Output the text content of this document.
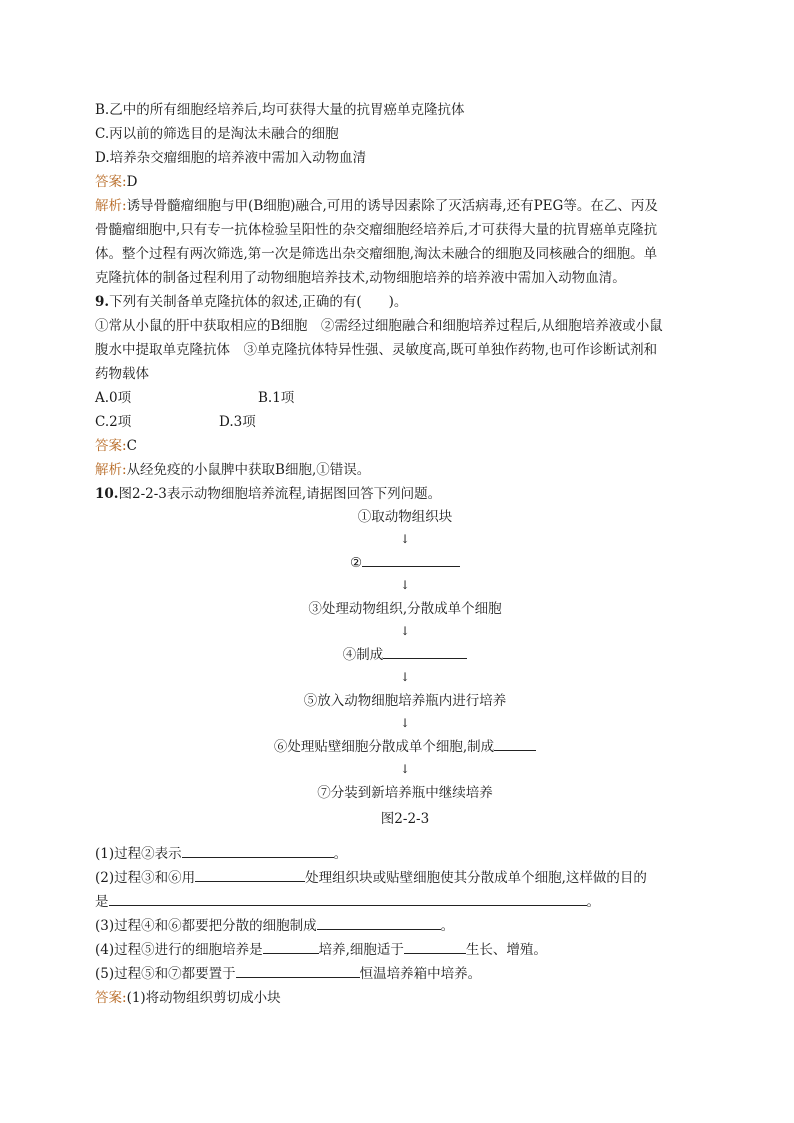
B.乙中的所有细胞经培养后,均可获得大量的抗胃癌单克隆抗体
C.丙以前的筛选目的是淘汰未融合的细胞
D.培养杂交瘤细胞的培养液中需加入动物血清
答案:D
解析:诱导骨髓瘤细胞与甲(B细胞)融合,可用的诱导因素除了灭活病毒,还有PEG等。在乙、丙及
骨髓瘤细胞中,只有专一抗体检验呈阳性的杂交瘤细胞经培养后,才可获得大量的抗胃癌单克隆抗
体。整个过程有两次筛选,第一次是筛选出杂交瘤细胞,淘汰未融合的细胞及同核融合的细胞。单
克隆抗体的制备过程利用了动物细胞培养技术,动物细胞培养的培养液中需加入动物血清。
9.下列有关制备单克隆抗体的叙述,正确的有(　　)。
①常从小鼠的肝中获取相应的B细胞　②需经过细胞融合和细胞培养过程后,从细胞培养液或小鼠
腹水中提取单克隆抗体　③单克隆抗体特异性强、灵敏度高,既可单独作药物,也可作诊断试剂和
药物载体
A.0项	B.1项
C.2项	D.3项
答案:C
解析:从经免疫的小鼠脾中获取B细胞,①错误。
10.图2-2-3表示动物细胞培养流程,请据图回答下列问题。
①取动物组织块
↓
②
↓
③处理动物组织,分散成单个细胞
↓
④制成
↓
⑤放入动物细胞培养瓶内进行培养
↓
⑥处理贴壁细胞分散成单个细胞,制成
↓
⑦分装到新培养瓶中继续培养
图2-2-3
(1)过程②表示	。
(2)过程③和⑥用	处理组织块或贴壁细胞使其分散成单个细胞,这样做的目的
是	。
(3)过程④和⑥都要把分散的细胞制成	。
(4)过程⑤进行的细胞培养是	培养,细胞适于	生长、增殖。
(5)过程⑤和⑦都要置于	恒温培养箱中培养。
答案:(1)将动物组织剪切成小块
